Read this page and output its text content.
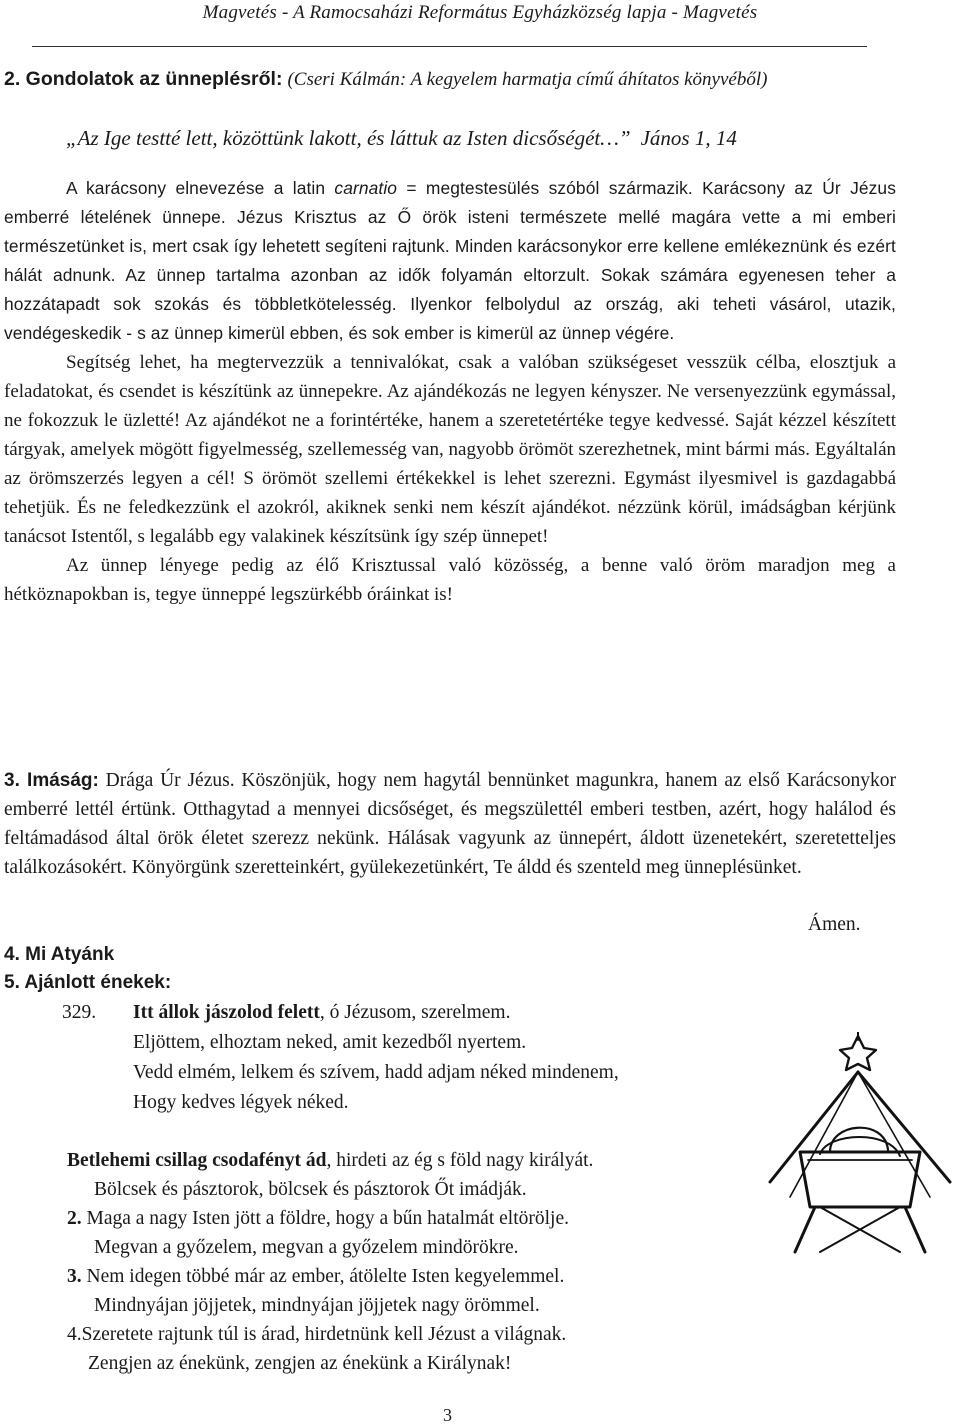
Magvetés - A Ramocsaházi Református Egyházközség lapja - Magvetés
2. Gondolatok az ünneplésről: (Cseri Kálmán: A kegyelem harmatja című áhítatos könyvéből)
„Az Ige testté lett, közöttünk lakott, és láttuk az Isten dicsőségét…” János 1, 14

A karácsony elnevezése a latin carnatio = megtestesülés szóból származik. Karácsony az Úr Jézus emberré lételének ünnepe. Jézus Krisztus az Ő örök isteni természete mellé magára vette a mi emberi természetünket is, mert csak így lehetett segíteni rajtunk. Minden karácsonykor erre kellene emlékeznünk és ezért hálát adnunk. Az ünnep tartalma azonban az idők folyamán eltorzult. Sokak számára egyenesen teher a hozzátapadt sok szokás és többletkötelesség. Ilyenkor felbolydul az ország, aki teheti vásárol, utazik, vendégeskedik - s az ünnep kimerül ebben, és sok ember is kimerül az ünnep végére.

Segítség lehet, ha megtervezzük a tennivalókat, csak a valóban szükségeset vesszük célba, elosztjuk a feladatokat, és csendet is készítünk az ünnepekre. Az ajándékozás ne legyen kényszer. Ne versenyezzünk egymással, ne fokozzuk le üzletté! Az ajándékot ne a forintértéke, hanem a szeretetértéke tegye kedvessé. Saját kézzel készített tárgyak, amelyek mögött figyelmesség, szellemesség van, nagyobb örömöt szerezhetnek, mint bármi más. Egyáltalán az örömszerzés legyen a cél! S örömöt szellemi értékekkel is lehet szerezni. Egymást ilyesmivel is gazdagabbá tehetjük. És ne feledkezzünk el azokról, akiknek senki nem készít ajándékot. nézzünk körül, imádságban kérjünk tanácsot Istentől, s legalább egy valakinek készítsünk így szép ünnepet!

Az ünnep lényege pedig az élő Krisztussal való közösség, a benne való öröm maradjon meg a hétköznapokban is, tegye ünneppé legszürkébb óráinkat is!

3. Imáság: Drága Úr Jézus. Köszönjük, hogy nem hagytál bennünket magunkra, hanem az első Karácsonykor emberré lettél értünk. Otthagytad a mennyei dicsőséget, és megszülettél emberi testben, azért, hogy halálod és feltámadásod által örök életet szerezz nekünk. Hálásak vagyunk az ünnepért, áldott üzenetekért, szeretetteljes találkozásokért. Könyörgünk szeretteinkért, gyülekezetünkért, Te áldd és szenteld meg ünneplésünket.

Ámen.
4. Mi Atyánk
5. Ajánlott énekek:
329. Itt állok jászolod felett, ó Jézusom, szerelmem.
Eljöttem, elhoztam neked, amit kezedből nyertem.
Vedd elmém, lelkem és szívem, hadd adjam néked mindenem,
Hogy kedves légyek néked.
Betlehemi csillag csodafényt ád, hirdeti az ég s föld nagy királyát.
Bölcsek és pásztorok, bölcsek és pásztorok Őt imádják.
2. Maga a nagy Isten jött a földre, hogy a bűn hatalmát eltörölje.
Megvan a győzelem, megvan a győzelem mindörökre.
3. Nem idegen többé már az ember, átölelte Isten kegyelemmel.
Mindnyájan jöjjetek, mindnyájan jöjjetek nagy örömmel.
4.Szeretete rajtunk túl is árad, hirdetnünk kell Jézust a világnak.
Zengjen az énekünk, zengjen az énekünk a Királynak!
3
